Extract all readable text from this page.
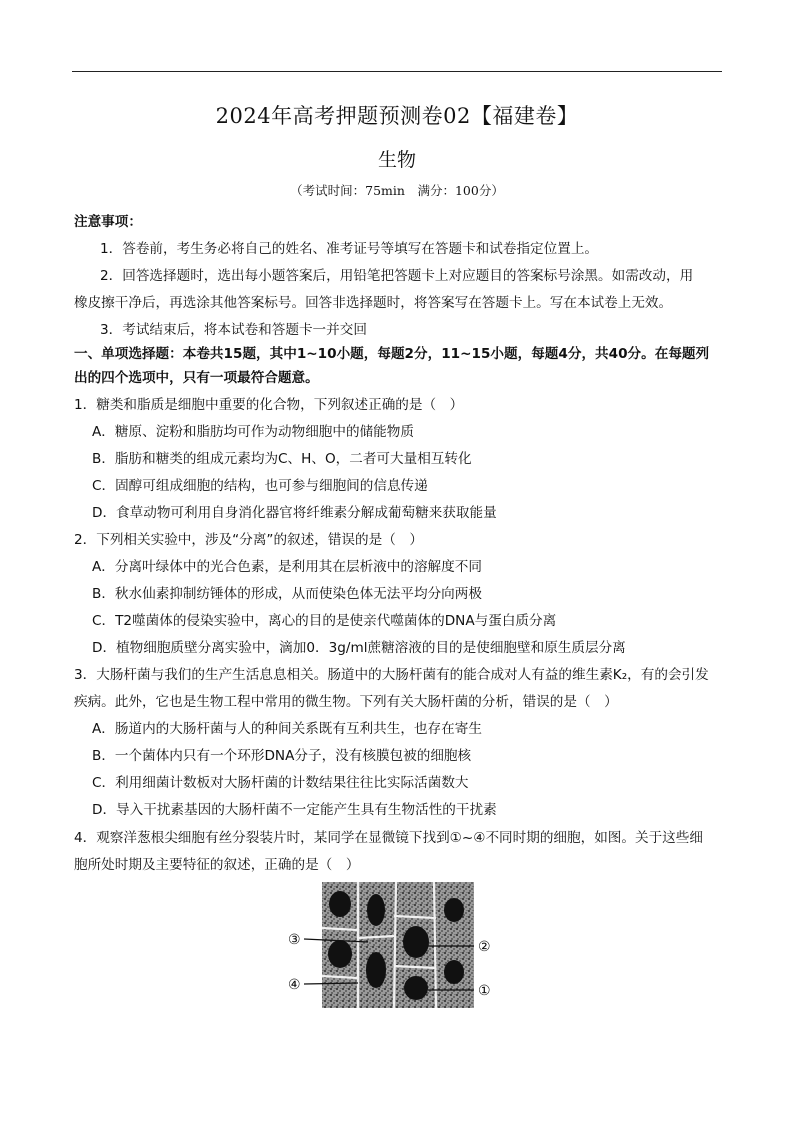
2024年高考押题预测卷02【福建卷】
生物
（考试时间：75min　满分：100分）
注意事项：
1．答卷前，考生务必将自己的姓名、准考证号等填写在答题卡和试卷指定位置上。
2．回答选择题时，选出每小题答案后，用铅笔把答题卡上对应题目的答案标号涂黑。如需改动，用
橡皮擦干净后，再选涂其他答案标号。回答非选择题时，将答案写在答题卡上。写在本试卷上无效。
3．考试结束后，将本试卷和答题卡一并交回
一、单项选择题：本卷共15题，其中1~10小题，每题2分，11~15小题，每题4分，共40分。在每题列
出的四个选项中，只有一项最符合题意。
1．糖类和脂质是细胞中重要的化合物，下列叙述正确的是（　）
A．糖原、淀粉和脂肪均可作为动物细胞中的储能物质
B．脂肪和糖类的组成元素均为C、H、O，二者可大量相互转化
C．固醇可组成细胞的结构，也可参与细胞间的信息传递
D．食草动物可利用自身消化器官将纤维素分解成葡萄糖来获取能量
2．下列相关实验中，涉及“分离”的叙述，错误的是（　）
A．分离叶绿体中的光合色素，是利用其在层析液中的溶解度不同
B．秋水仙素抑制纺锤体的形成，从而使染色体无法平均分向两极
C．T2噬菌体的侵染实验中，离心的目的是使亲代噬菌体的DNA与蛋白质分离
D．植物细胞质壁分离实验中，滴加0．3g/ml蔗糖溶液的目的是使细胞壁和原生质层分离
3．大肠杆菌与我们的生产生活息息相关。肠道中的大肠杆菌有的能合成对人有益的维生素K₂，有的会引发
疾病。此外，它也是生物工程中常用的微生物。下列有关大肠杆菌的分析，错误的是（　）
A．肠道内的大肠杆菌与人的种间关系既有互利共生，也存在寄生
B．一个菌体内只有一个环形DNA分子，没有核膜包被的细胞核
C．利用细菌计数板对大肠杆菌的计数结果往往比实际活菌数大
D．导入干扰素基因的大肠杆菌不一定能产生具有生物活性的干扰素
4．观察洋葱根尖细胞有丝分裂装片时，某同学在显微镜下找到①~④不同时期的细胞，如图。关于这些细
胞所处时期及主要特征的叙述，正确的是（　）
③	②
④	①
